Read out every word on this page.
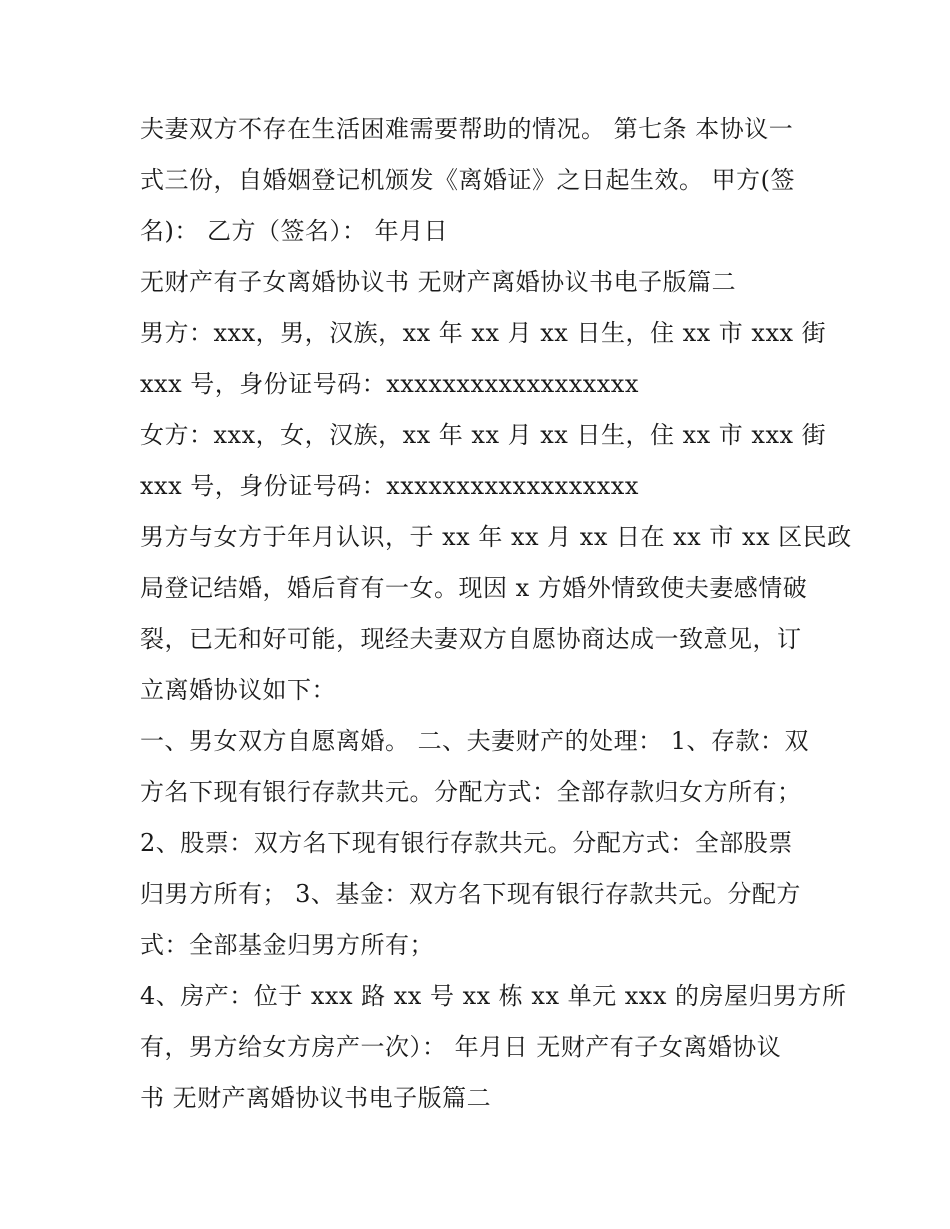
夫妻双方不存在生活困难需要帮助的情况。 第七条 本协议一
式三份，自婚姻登记机颁发《离婚证》之日起生效。 甲方(签
名)： 乙方（签名）： 年月日
无财产有子女离婚协议书 无财产离婚协议书电子版篇二
男方：xxx，男，汉族，xx 年 xx 月 xx 日生，住 xx 市 xxx 街
xxx 号，身份证号码：xxxxxxxxxxxxxxxxxx
女方：xxx，女，汉族，xx 年 xx 月 xx 日生，住 xx 市 xxx 街
xxx 号，身份证号码：xxxxxxxxxxxxxxxxxx
男方与女方于年月认识，于 xx 年 xx 月 xx 日在 xx 市 xx 区民政
局登记结婚，婚后育有一女。现因 x 方婚外情致使夫妻感情破
裂，已无和好可能，现经夫妻双方自愿协商达成一致意见，订
立离婚协议如下：
一、男女双方自愿离婚。 二、夫妻财产的处理： 1、存款：双
方名下现有银行存款共元。分配方式：全部存款归女方所有；
2、股票：双方名下现有银行存款共元。分配方式：全部股票
归男方所有； 3、基金：双方名下现有银行存款共元。分配方
式：全部基金归男方所有；
4、房产：位于 xxx 路 xx 号 xx 栋 xx 单元 xxx 的房屋归男方所
有，男方给女方房产一次）： 年月日 无财产有子女离婚协议
书 无财产离婚协议书电子版篇二
